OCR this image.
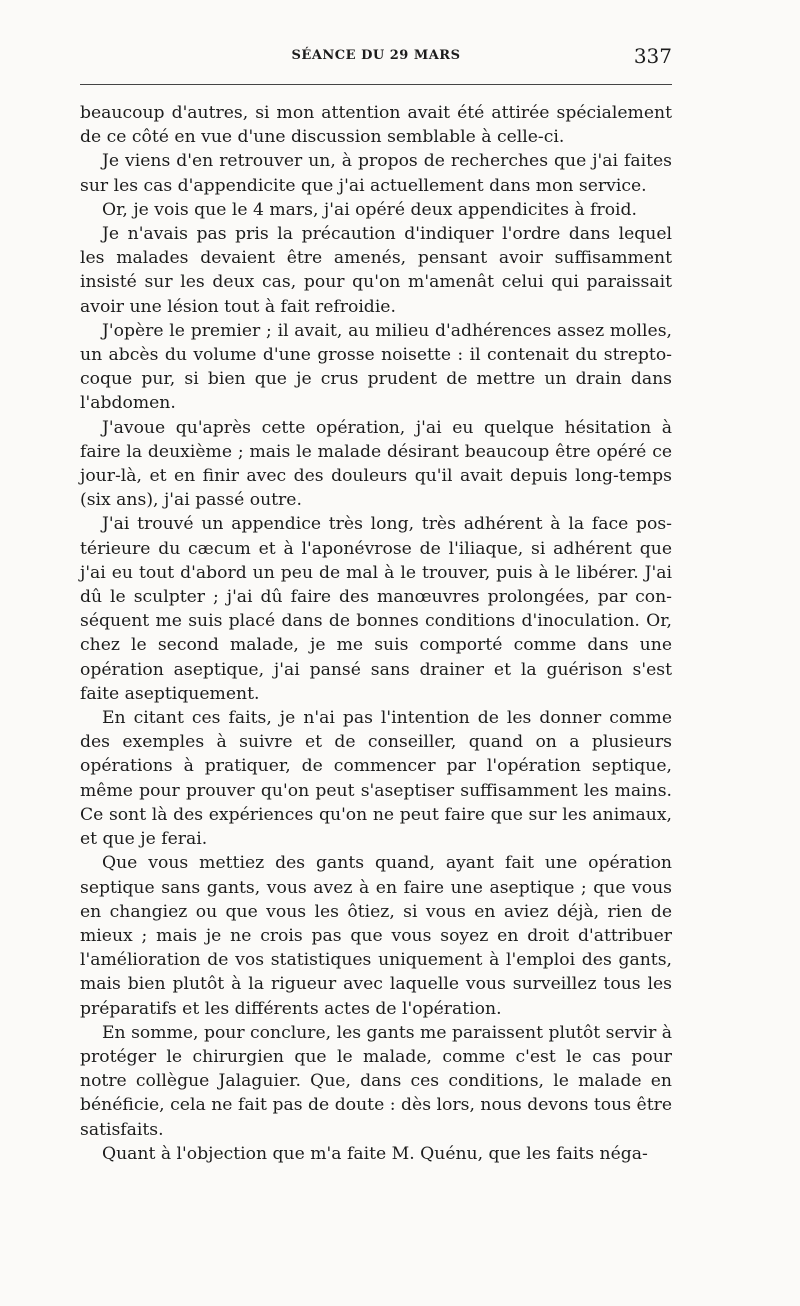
SÉANCE DU 29 MARS	337

beaucoup d'autres, si mon attention avait été attirée spécialement de ce côté en vue d'une discussion semblable à celle-ci.

Je viens d'en retrouver un, à propos de recherches que j'ai faites sur les cas d'appendicite que j'ai actuellement dans mon service.

Or, je vois que le 4 mars, j'ai opéré deux appendicites à froid.

Je n'avais pas pris la précaution d'indiquer l'ordre dans lequel les malades devaient être amenés, pensant avoir suffisamment insisté sur les deux cas, pour qu'on m'amenât celui qui paraissait avoir une lésion tout à fait refroidie.

J'opère le premier ; il avait, au milieu d'adhérences assez molles, un abcès du volume d'une grosse noisette : il contenait du strepto-coque pur, si bien que je crus prudent de mettre un drain dans l'abdomen.

J'avoue qu'après cette opération, j'ai eu quelque hésitation à faire la deuxième ; mais le malade désirant beaucoup être opéré ce jour-là, et en finir avec des douleurs qu'il avait depuis long-temps (six ans), j'ai passé outre.

J'ai trouvé un appendice très long, très adhérent à la face pos-térieure du cæcum et à l'aponévrose de l'iliaque, si adhérent que j'ai eu tout d'abord un peu de mal à le trouver, puis à le libérer. J'ai dû le sculpter ; j'ai dû faire des manœuvres prolongées, par con-séquent me suis placé dans de bonnes conditions d'inoculation. Or, chez le second malade, je me suis comporté comme dans une opération aseptique, j'ai pansé sans drainer et la guérison s'est faite aseptiquement.

En citant ces faits, je n'ai pas l'intention de les donner comme des exemples à suivre et de conseiller, quand on a plusieurs opérations à pratiquer, de commencer par l'opération septique, même pour prouver qu'on peut s'aseptiser suffisamment les mains. Ce sont là des expériences qu'on ne peut faire que sur les animaux, et que je ferai.

Que vous mettiez des gants quand, ayant fait une opération septique sans gants, vous avez à en faire une aseptique ; que vous en changiez ou que vous les ôtiez, si vous en aviez déjà, rien de mieux ; mais je ne crois pas que vous soyez en droit d'attribuer l'amélioration de vos statistiques uniquement à l'emploi des gants, mais bien plutôt à la rigueur avec laquelle vous surveillez tous les préparatifs et les différents actes de l'opération.

En somme, pour conclure, les gants me paraissent plutôt servir à protéger le chirurgien que le malade, comme c'est le cas pour notre collègue Jalaguier. Que, dans ces conditions, le malade en bénéficie, cela ne fait pas de doute : dès lors, nous devons tous être satisfaits.

Quant à l'objection que m'a faite M. Quénu, que les faits néga-
